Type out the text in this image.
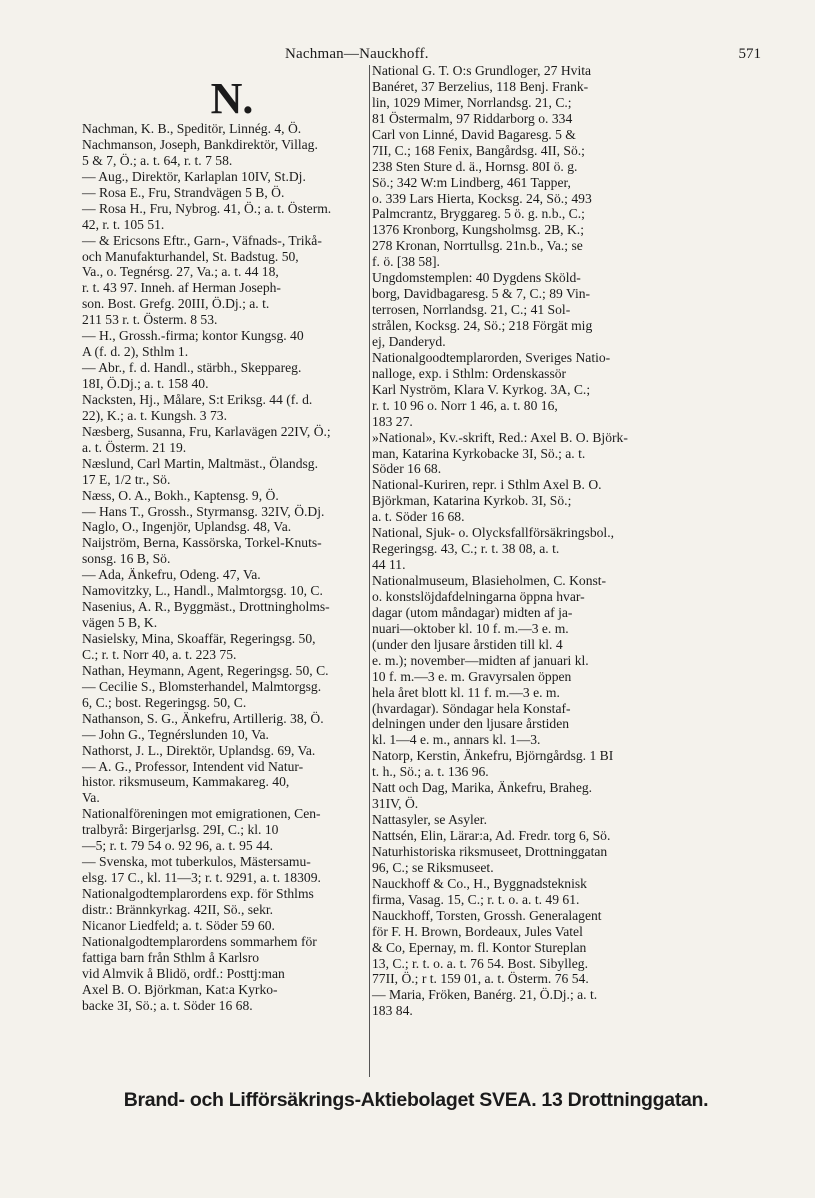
Nachman—Nauckhoff.	571
N.
Nachman, K. B., Speditör, Linnég. 4, Ö.
Nachmanson, Joseph, Bankdirektör, Villag.
5 & 7, Ö.; a. t. 64, r. t. 7 58.
— Aug., Direktör, Karlaplan 10IV, St.Dj.
— Rosa E., Fru, Strandvägen 5 B, Ö.
— Rosa H., Fru, Nybrog. 41, Ö.; a. t. Österm.
42, r. t. 105 51.
— & Ericsons Eftr., Garn-, Väfnads-, Trikå-
och Manufakturhandel, St. Badstug. 50,
Va., o. Tegnérsg. 27, Va.; a. t. 44 18,
r. t. 43 97. Inneh. af Herman Joseph-
son. Bost. Grefg. 20III, Ö.Dj.; a. t.
211 53 r. t. Österm. 8 53.
— H., Grossh.-firma; kontor Kungsg. 40
A (f. d. 2), Sthlm 1.
— Abr., f. d. Handl., stärbh., Skeppareg.
18I, Ö.Dj.; a. t. 158 40.
Nacksten, Hj., Målare, S:t Eriksg. 44 (f. d.
22), K.; a. t. Kungsh. 3 73.
Næsberg, Susanna, Fru, Karlavägen 22IV, Ö.;
a. t. Österm. 21 19.
Næslund, Carl Martin, Maltmäst., Ölandsg.
17 E, 1/2 tr., Sö.
Næss, O. A., Bokh., Kaptensg. 9, Ö.
— Hans T., Grossh., Styrmansg. 32IV, Ö.Dj.
Naglo, O., Ingenjör, Uplandsg. 48, Va.
Naijström, Berna, Kassörska, Torkel-Knuts-
sonsg. 16 B, Sö.
— Ada, Änkefru, Odeng. 47, Va.
Namovitzky, L., Handl., Malmtorgsg. 10, C.
Nasenius, A. R., Byggmäst., Drottningholms-
vägen 5 B, K.
Nasielsky, Mina, Skoaffär, Regeringsg. 50,
C.; r. t. Norr 40, a. t. 223 75.
Nathan, Heymann, Agent, Regeringsg. 50, C.
— Cecilie S., Blomsterhandel, Malmtorgsg.
6, C.; bost. Regeringsg. 50, C.
Nathanson, S. G., Änkefru, Artillerig. 38, Ö.
— John G., Tegnérslunden 10, Va.
Nathorst, J. L., Direktör, Uplandsg. 69, Va.
— A. G., Professor, Intendent vid Natur-
histor. riksmuseum, Kammakareg. 40,
Va.
Nationalföreningen mot emigrationen, Cen-
tralbyrå: Birgerjarlsg. 29I, C.; kl. 10
—5; r. t. 79 54 o. 92 96, a. t. 95 44.
— Svenska, mot tuberkulos, Mästersamu-
elsg. 17 C., kl. 11—3; r. t. 9291, a. t. 18309.
Nationalgodtemplarordens exp. för Sthlms
distr.: Brännkyrkag. 42II, Sö., sekr.
Nicanor Liedfeld; a. t. Söder 59 60.
Nationalgodtemplarordens sommarhem för
fattiga barn från Sthlm å Karlsro
vid Almvik å Blidö, ordf.: Posttj:man
Axel B. O. Björkman, Kat:a Kyrko-
backe 3I, Sö.; a. t. Söder 16 68.
National G. T. O:s Grundloger, 27 Hvita
Banéret, 37 Berzelius, 118 Benj. Frank-
lin, 1029 Mimer, Norrlandsg. 21, C.;
81 Östermalm, 97 Riddarborg o. 334
Carl von Linné, David Bagaresg. 5 &
7II, C.; 168 Fenix, Bangårdsg. 4II, Sö.;
238 Sten Sture d. ä., Hornsg. 80I ö. g.
Sö.; 342 W:m Lindberg, 461 Tapper,
o. 339 Lars Hierta, Kocksg. 24, Sö.; 493
Palmcrantz, Bryggareg. 5 ö. g. n.b., C.;
1376 Kronborg, Kungsholmsg. 2B, K.;
278 Kronan, Norrtullsg. 21n.b., Va.; se
f. ö. [38 58].
Ungdomstemplen: 40 Dygdens Sköld-
borg, Davidbagaresg. 5 & 7, C.; 89 Vin-
terrosen, Norrlandsg. 21, C.; 41 Sol-
strålen, Kocksg. 24, Sö.; 218 Förgät mig
ej, Danderyd.
Nationalgoodtemplarorden, Sveriges Natio-
nalloge, exp. i Sthlm: Ordenskassör
Karl Nyström, Klara V. Kyrkog. 3A, C.;
r. t. 10 96 o. Norr 1 46, a. t. 80 16,
183 27.
»National», Kv.-skrift, Red.: Axel B. O. Björk-
man, Katarina Kyrkobacke 3I, Sö.; a. t.
Söder 16 68.
National-Kuriren, repr. i Sthlm Axel B. O.
Björkman, Katarina Kyrkob. 3I, Sö.;
a. t. Söder 16 68.
National, Sjuk- o. Olycksfallförsäkringsbol.,
Regeringsg. 43, C.; r. t. 38 08, a. t.
44 11.
Nationalmuseum, Blasieholmen, C. Konst-
o. konstslöjdafdelningarna öppna hvar-
dagar (utom måndagar) midten af ja-
nuari—oktober kl. 10 f. m.—3 e. m.
(under den ljusare årstiden till kl. 4
e. m.); november—midten af januari kl.
10 f. m.—3 e. m. Gravyrsalen öppen
hela året blott kl. 11 f. m.—3 e. m.
(hvardagar). Söndagar hela Konstaf-
delningen under den ljusare årstiden
kl. 1—4 e. m., annars kl. 1—3.
Natorp, Kerstin, Änkefru, Björngårdsg. 1 BI
t. h., Sö.; a. t. 136 96.
Natt och Dag, Marika, Änkefru, Braheg.
31IV, Ö.
Nattasyler, se Asyler.
Nattsén, Elin, Lärar:a, Ad. Fredr. torg 6, Sö.
Naturhistoriska riksmuseet, Drottninggatan
96, C.; se Riksmuseet.
Nauckhoff & Co., H., Byggnadsteknisk
firma, Vasag. 15, C.; r. t. o. a. t. 49 61.
Nauckhoff, Torsten, Grossh. Generalagent
för F. H. Brown, Bordeaux, Jules Vatel
& Co, Epernay, m. fl. Kontor Stureplan
13, C.; r. t. o. a. t. 76 54. Bost. Sibylleg.
77II, Ö.; r t. 159 01, a. t. Österm. 76 54.
— Maria, Fröken, Banérg. 21, Ö.Dj.; a. t.
183 84.
Brand- och Lifförsäkrings-Aktiebolaget SVEA. 13 Drottninggatan.
